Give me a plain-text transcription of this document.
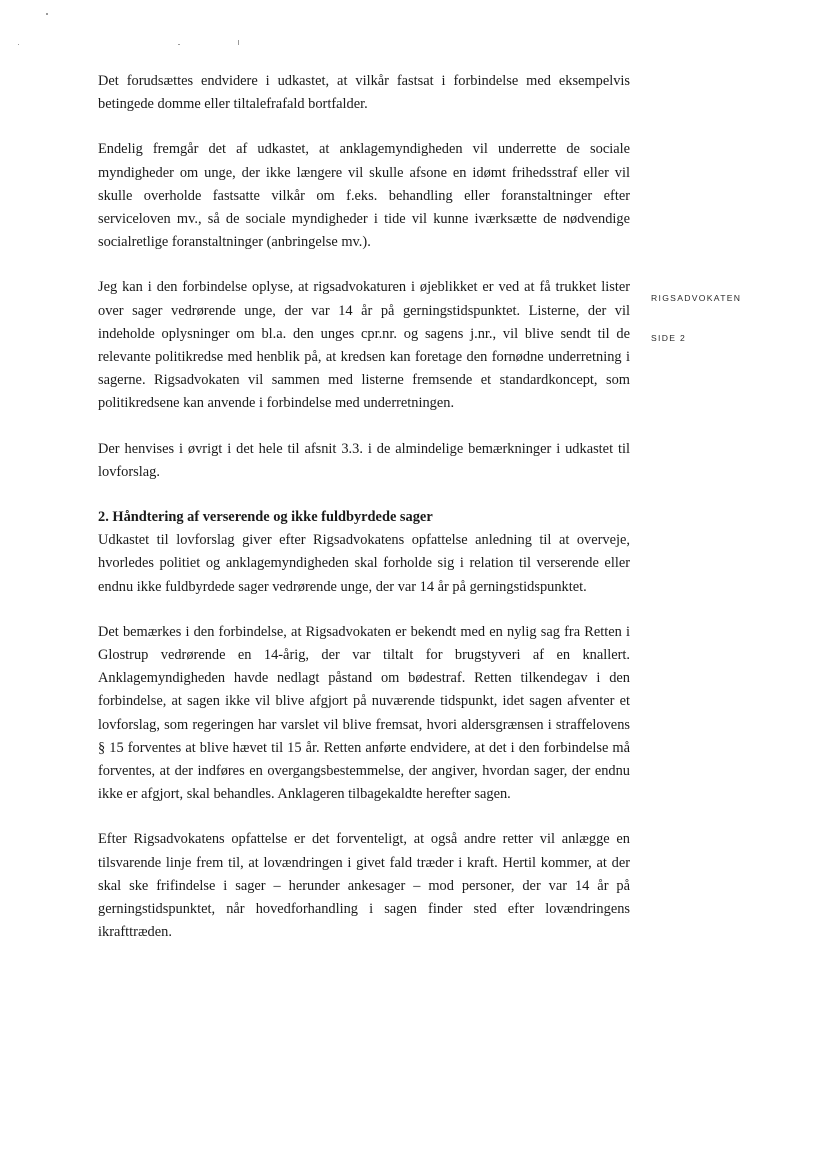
Det forudsættes endvidere i udkastet, at vilkår fastsat i forbindelse med eksempelvis betingede domme eller tiltalefrafald bortfalder.

Endelig fremgår det af udkastet, at anklagemyndigheden vil underrette de sociale myndigheder om unge, der ikke længere vil skulle afsone en idømt frihedsstraf eller vil skulle overholde fastsatte vilkår om f.eks. behandling eller foranstaltninger efter serviceloven mv., så de sociale myndigheder i tide vil kunne iværksætte de nødvendige socialretlige foranstaltninger (anbringelse mv.).

Jeg kan i den forbindelse oplyse, at rigsadvokaturen i øjeblikket er ved at få trukket lister over sager vedrørende unge, der var 14 år på gerningstidspunktet. Listerne, der vil indeholde oplysninger om bl.a. den unges cpr.nr. og sagens j.nr., vil blive sendt til de relevante politikredse med henblik på, at kredsen kan foretage den fornødne underretning i sagerne. Rigsadvokaten vil sammen med listerne fremsende et standardkoncept, som politikredsene kan anvende i forbindelse med underretningen.

Der henvises i øvrigt i det hele til afsnit 3.3. i de almindelige bemærkninger i udkastet til lovforslag.

2. Håndtering af verserende og ikke fuldbyrdede sager

Udkastet til lovforslag giver efter Rigsadvokatens opfattelse anledning til at overveje, hvorledes politiet og anklagemyndigheden skal forholde sig i relation til verserende eller endnu ikke fuldbyrdede sager vedrørende unge, der var 14 år på gerningstidspunktet.

Det bemærkes i den forbindelse, at Rigsadvokaten er bekendt med en nylig sag fra Retten i Glostrup vedrørende en 14-årig, der var tiltalt for brugstyveri af en knallert. Anklagemyndigheden havde nedlagt påstand om bødestraf. Retten tilkendegav i den forbindelse, at sagen ikke vil blive afgjort på nuværende tidspunkt, idet sagen afventer et lovforslag, som regeringen har varslet vil blive fremsat, hvori aldersgrænsen i straffelovens § 15 forventes at blive hævet til 15 år. Retten anførte endvidere, at det i den forbindelse må forventes, at der indføres en overgangsbestemmelse, der angiver, hvordan sager, der endnu ikke er afgjort, skal behandles. Anklageren tilbagekaldte herefter sagen.

Efter Rigsadvokatens opfattelse er det forventeligt, at også andre retter vil anlægge en tilsvarende linje frem til, at lovændringen i givet fald træder i kraft. Hertil kommer, at der skal ske frifindelse i sager – herunder ankesager – mod personer, der var 14 år på gerningstidspunktet, når hovedforhandling i sagen finder sted efter lovændringens ikrafttræden.

RIGSADVOKATEN
SIDE 2
